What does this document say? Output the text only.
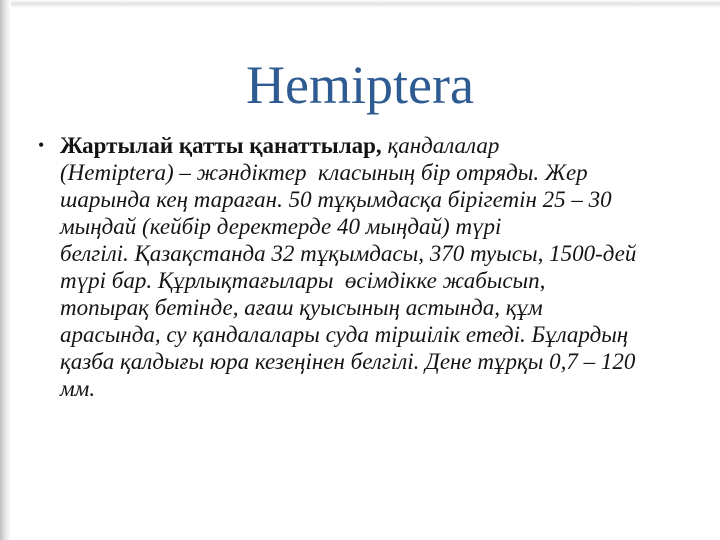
Hemiptera
• Жартылай қатты қанаттылар, қандалалар
(Hemiptera) – жәндіктер  класының бір отряды. Жер
шарында кең тараған. 50 тұқымдасқа бірігетін 25 – 30
мыңдай (кейбір деректерде 40 мыңдай) түрі
белгілі. Қазақстанда 32 тұқымдасы, 370 туысы, 1500-дей
түрі бар. Құрлықтағылары  өсімдікке жабысып,
топырақ бетінде, ағаш қуысының астында, құм
арасында, су қандалалары суда тіршілік етеді. Бұлардың
қазба қалдығы юра кезеңінен белгілі. Дене тұрқы 0,7 – 120
мм.
